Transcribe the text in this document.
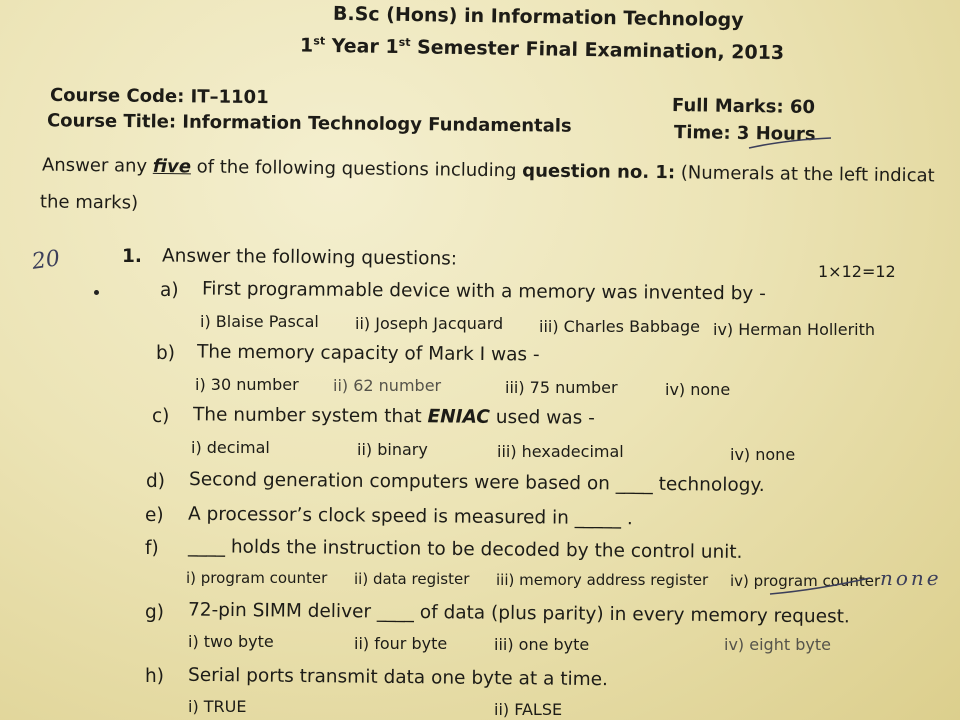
B.Sc (Hons) in Information Technology
1st Year 1st Semester Final Examination, 2013
Course Code: IT–1101
Course Title: Information Technology Fundamentals
Full Marks: 60
Time: 3 Hours
Answer any five of the following questions including question no. 1: (Numerals at the left indicat
the marks)
20	1. Answer the following questions:
1×12=12
a) First programmable device with a memory was invented by -
i) Blaise Pascal ii) Joseph Jacquard iii) Charles Babbage iv) Herman Hollerith
b) The memory capacity of Mark I was -
i) 30 number ii) 62 number	iii) 75 number	iv) none
c) The number system that ENIAC used was -
i) decimal	ii) binary	iii) hexadecimal	iv) none
d) Second generation computers were based on ____ technology.
e) A processor’s clock speed is measured in _____ .
f) ____ holds the instruction to be decoded by the control unit.
i) program counter ii) data register iii) memory address register iv) program counter none
g) 72-pin SIMM deliver ____ of data (plus parity) in every memory request.
i) two byte	ii) four byte	iii) one byte	iv) eight byte
h) Serial ports transmit data one byte at a time.
i) TRUE	ii) FALSE
